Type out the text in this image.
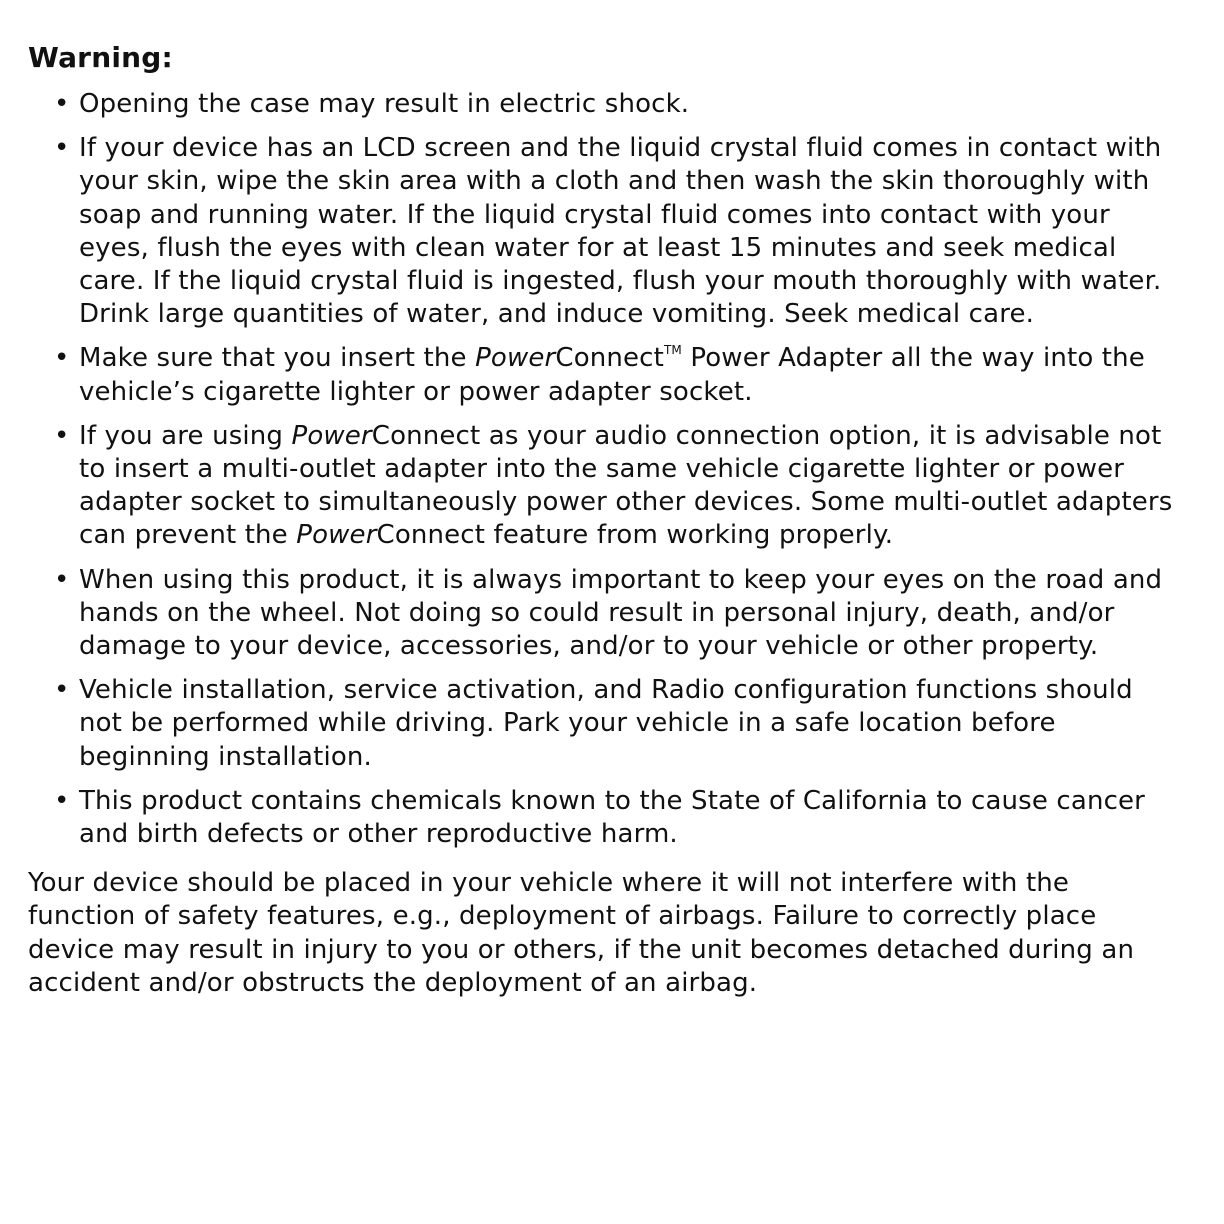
Warning:
•
Opening the case may result in electric shock.
•
If your device has an LCD screen and the liquid crystal fluid comes in contact with your skin, wipe the skin area with a cloth and then wash the skin thoroughly with soap and running water. If the liquid crystal fluid comes into contact with your eyes, flush the eyes with clean water for at least 15 minutes and seek medical care. If the liquid crystal fluid is ingested, flush your mouth thoroughly with water. Drink large quantities of water, and induce vomiting. Seek medical care.
•
Make sure that you insert the PowerConnect™ Power Adapter all the way into the vehicle’s cigarette lighter or power adapter socket.
•
If you are using PowerConnect as your audio connection option, it is advisable not to insert a multi-outlet adapter into the same vehicle cigarette lighter or power adapter socket to simultaneously power other devices. Some multi-outlet adapters can prevent the PowerConnect feature from working properly.
•
When using this product, it is always important to keep your eyes on the road and hands on the wheel. Not doing so could result in personal injury, death, and/or damage to your device, accessories, and/or to your vehicle or other property.
•
Vehicle installation, service activation, and Radio configuration functions should not be performed while driving. Park your vehicle in a safe location before beginning installation.
•
This product contains chemicals known to the State of California to cause cancer and birth defects or other reproductive harm.

Your device should be placed in your vehicle where it will not interfere with the function of safety features, e.g., deployment of airbags. Failure to correctly place device may result in injury to you or others, if the unit becomes detached during an accident and/or obstructs the deployment of an airbag.
